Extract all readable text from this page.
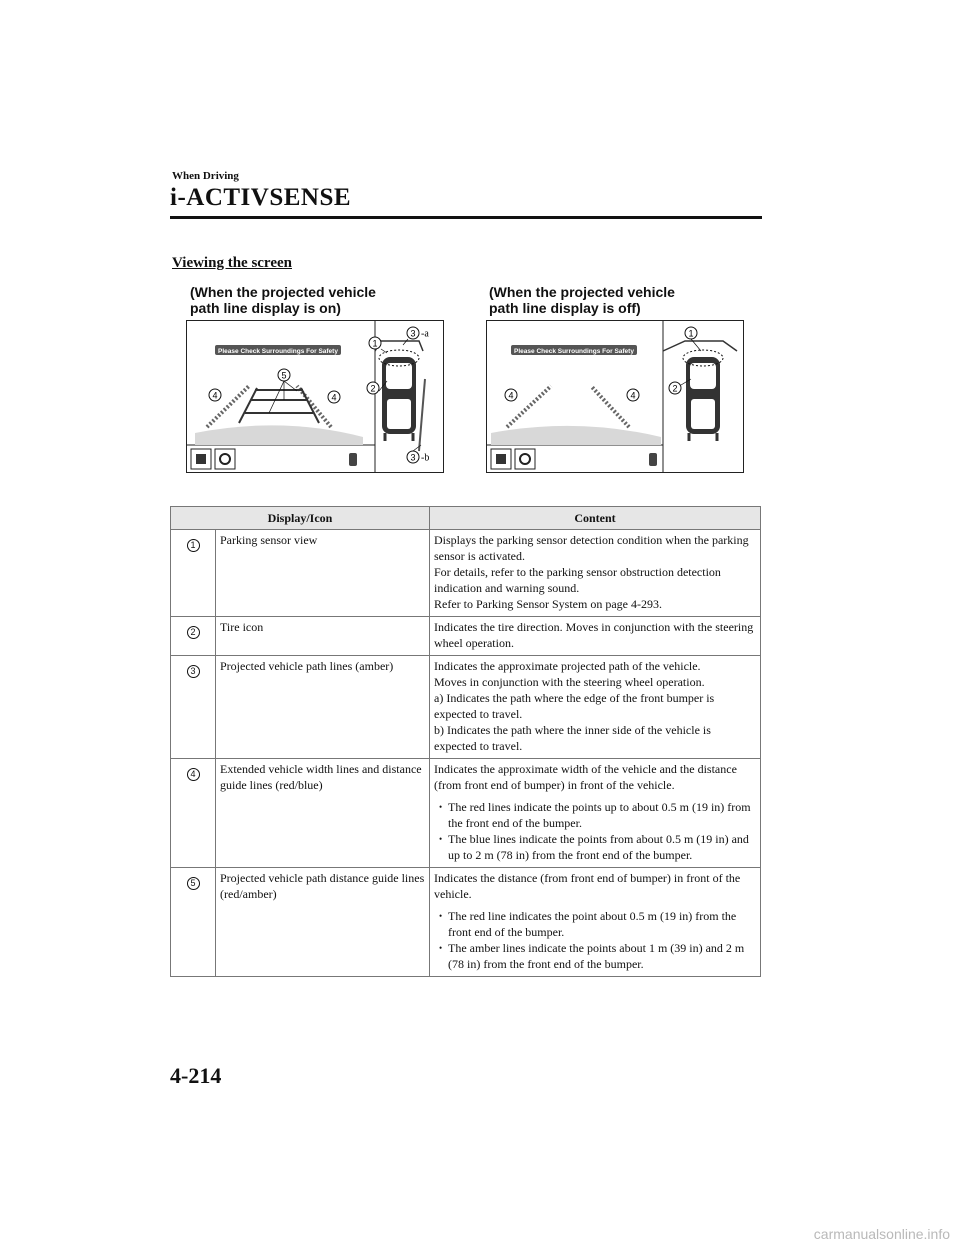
When Driving
i-ACTIVSENSE
Viewing the screen
(When the projected vehicle
path line display is on)
(When the projected vehicle
path line display is off)
Please Check Surroundings For Safety
5
4	4
1
3 -a
2
3 -b
Please Check Surroundings For Safety
4	4
1
2
Display/Icon		Content
1	Parking sensor view	Displays the parking sensor detection condition when the parking sensor is activated.
For details, refer to the parking sensor obstruction detection indication and warning sound.
Refer to Parking Sensor System on page 4-293.

2	Tire icon	Indicates the tire direction. Moves in conjunction with the steering wheel operation.

3	Projected vehicle path lines (amber)	Indicates the approximate projected path of the vehicle.
Moves in conjunction with the steering wheel operation.
a) Indicates the path where the edge of the front bumper is expected to travel.
b) Indicates the path where the inner side of the vehicle is expected to travel.

4	Extended vehicle width lines and distance guide lines (red/blue)	Indicates the approximate width of the vehicle and the distance (from front end of bumper) in front of the vehicle.
• The red lines indicate the points up to about 0.5 m (19 in) from the front end of the bumper.
• The blue lines indicate the points from about 0.5 m (19 in) and up to 2 m (78 in) from the front end of the bumper.

5	Projected vehicle path distance guide lines (red/amber)	Indicates the distance (from front end of bumper) in front of the vehicle.
• The red line indicates the point about 0.5 m (19 in) from the front end of the bumper.
• The amber lines indicate the points about 1 m (39 in) and 2 m (78 in) from the front end of the bumper.
4-214
carmanualsonline.info
